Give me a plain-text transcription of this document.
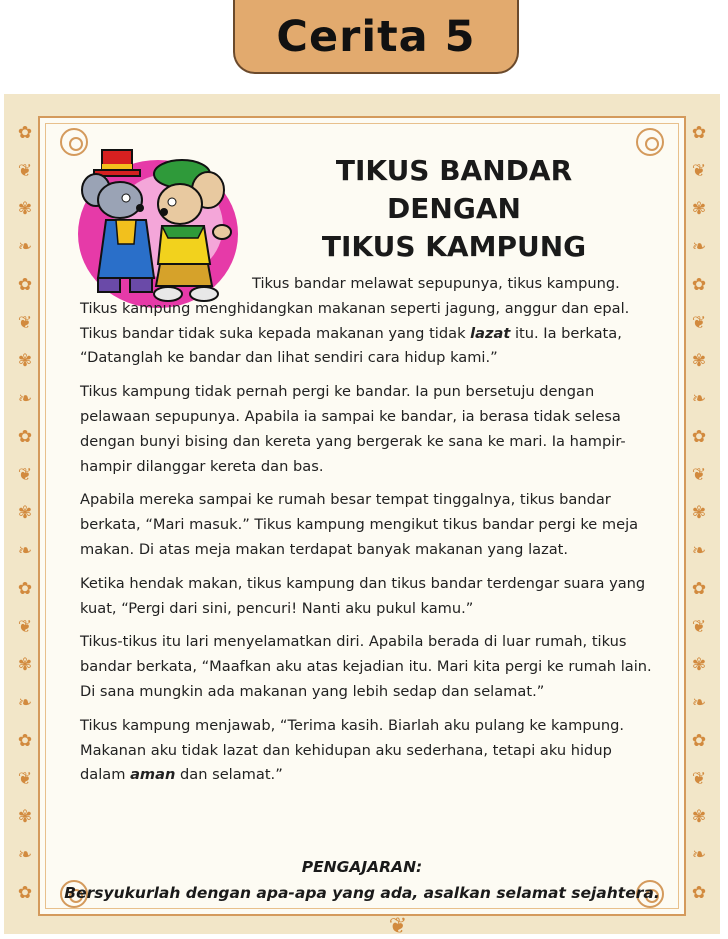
Cerita 5
✿
❦
✾
❧
✿
❦
✾
❧
✿
❦
✾
❧
✿
❦
✾
❧
✿
❦
✾
❧
✿
✿
❦
✾
❧
✿
❦
✾
❧
✿
❦
✾
❧
✿
❦
✾
❧
✿
❦
✾
❧
✿
❦
PENGAJARAN:
Bersyukurlah dengan apa-apa yang ada, asalkan selamat sejahtera.
TIKUS BANDAR
DENGAN
TIKUS KAMPUNG

Tikus bandar melawat sepupunya, tikus kampung. Tikus kampung menghidangkan makanan seperti jagung, anggur dan epal. Tikus bandar tidak suka kepada makanan yang tidak lazat itu. Ia berkata, “Datanglah ke bandar dan lihat sendiri cara hidup kami.”

Tikus kampung tidak pernah pergi ke bandar. Ia pun bersetuju dengan pelawaan sepupunya. Apabila ia sampai ke bandar, ia berasa tidak selesa dengan bunyi bising dan kereta yang bergerak ke sana ke mari. Ia hampir-hampir dilanggar kereta dan bas.

Apabila mereka sampai ke rumah besar tempat tinggalnya, tikus bandar berkata, “Mari masuk.” Tikus kampung mengikut tikus bandar pergi ke meja makan. Di atas meja makan terdapat banyak makanan yang lazat.

Ketika hendak makan, tikus kampung dan tikus bandar terdengar suara yang kuat, “Pergi dari sini, pencuri! Nanti aku pukul kamu.”

Tikus-tikus itu lari menyelamatkan diri. Apabila berada di luar rumah, tikus bandar berkata, “Maafkan aku atas kejadian itu. Mari kita pergi ke rumah lain. Di sana mungkin ada makanan yang lebih sedap dan selamat.”

Tikus kampung menjawab, “Terima kasih. Biarlah aku pulang ke kampung. Makanan aku tidak lazat dan kehidupan aku sederhana, tetapi aku hidup dalam aman dan selamat.”
